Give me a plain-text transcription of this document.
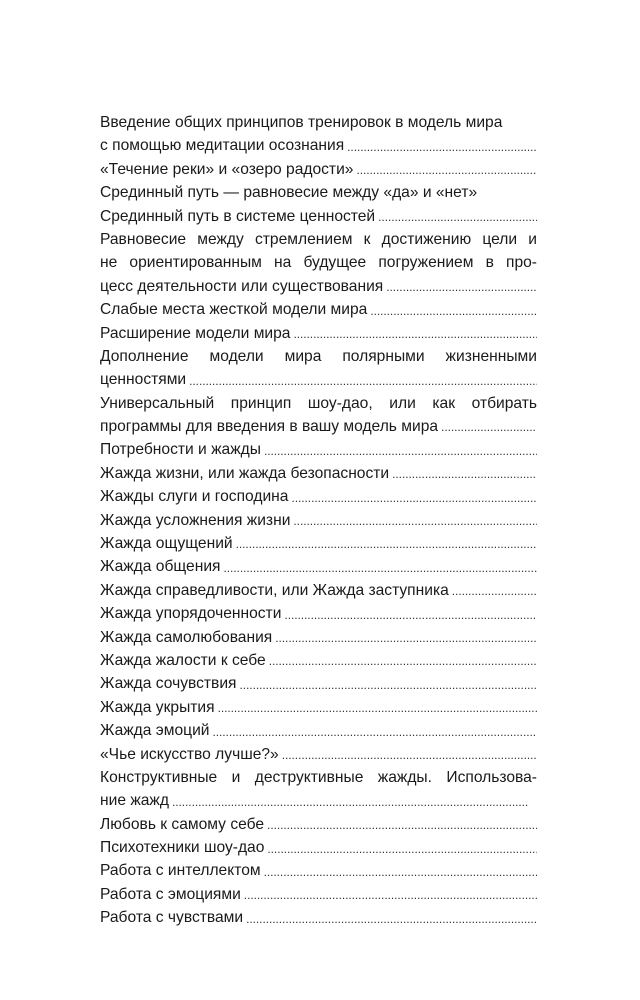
Введение общих принципов тренировок в модель мира
с помощью медитации осознания
. . .
«Течение реки» и «озеро радости»
. . .
Срединный путь — равновесие между «да» и «нет»
Срединный путь в системе ценностей
. . .
Равновесие между стремлением к достижению цели и
не ориентированным на будущее погружением в про-
цесс деятельности или существования
. . .
Слабые места жесткой модели мира
. . .
Расширение модели мира
. . .
Дополнение модели мира полярными жизненными
ценностями
. . .
Универсальный принцип шоу-дао, или как отбирать
программы для введения в вашу модель мира
. . .
Потребности и жажды
. . .
Жажда жизни, или жажда безопасности
. . .
Жажды слуги и господина
. . .
Жажда усложнения жизни
. . .
Жажда ощущений
. . .
Жажда общения
. . .
Жажда справедливости, или Жажда заступника
. . .
Жажда упорядоченности
. . .
Жажда самолюбования
. . .
Жажда жалости к себе
. . .
Жажда сочувствия
. . .
Жажда укрытия
. . .
Жажда эмоций
. . .
«Чье искусство лучше?»
. . .
Конструктивные и деструктивные жажды. Использова-
ние жажд
. . .
Любовь к самому себе
. . .
Психотехники шоу-дао
. . .
Работа с интеллектом
. . .
Работа с эмоциями
. . .
Работа с чувствами
. . .
